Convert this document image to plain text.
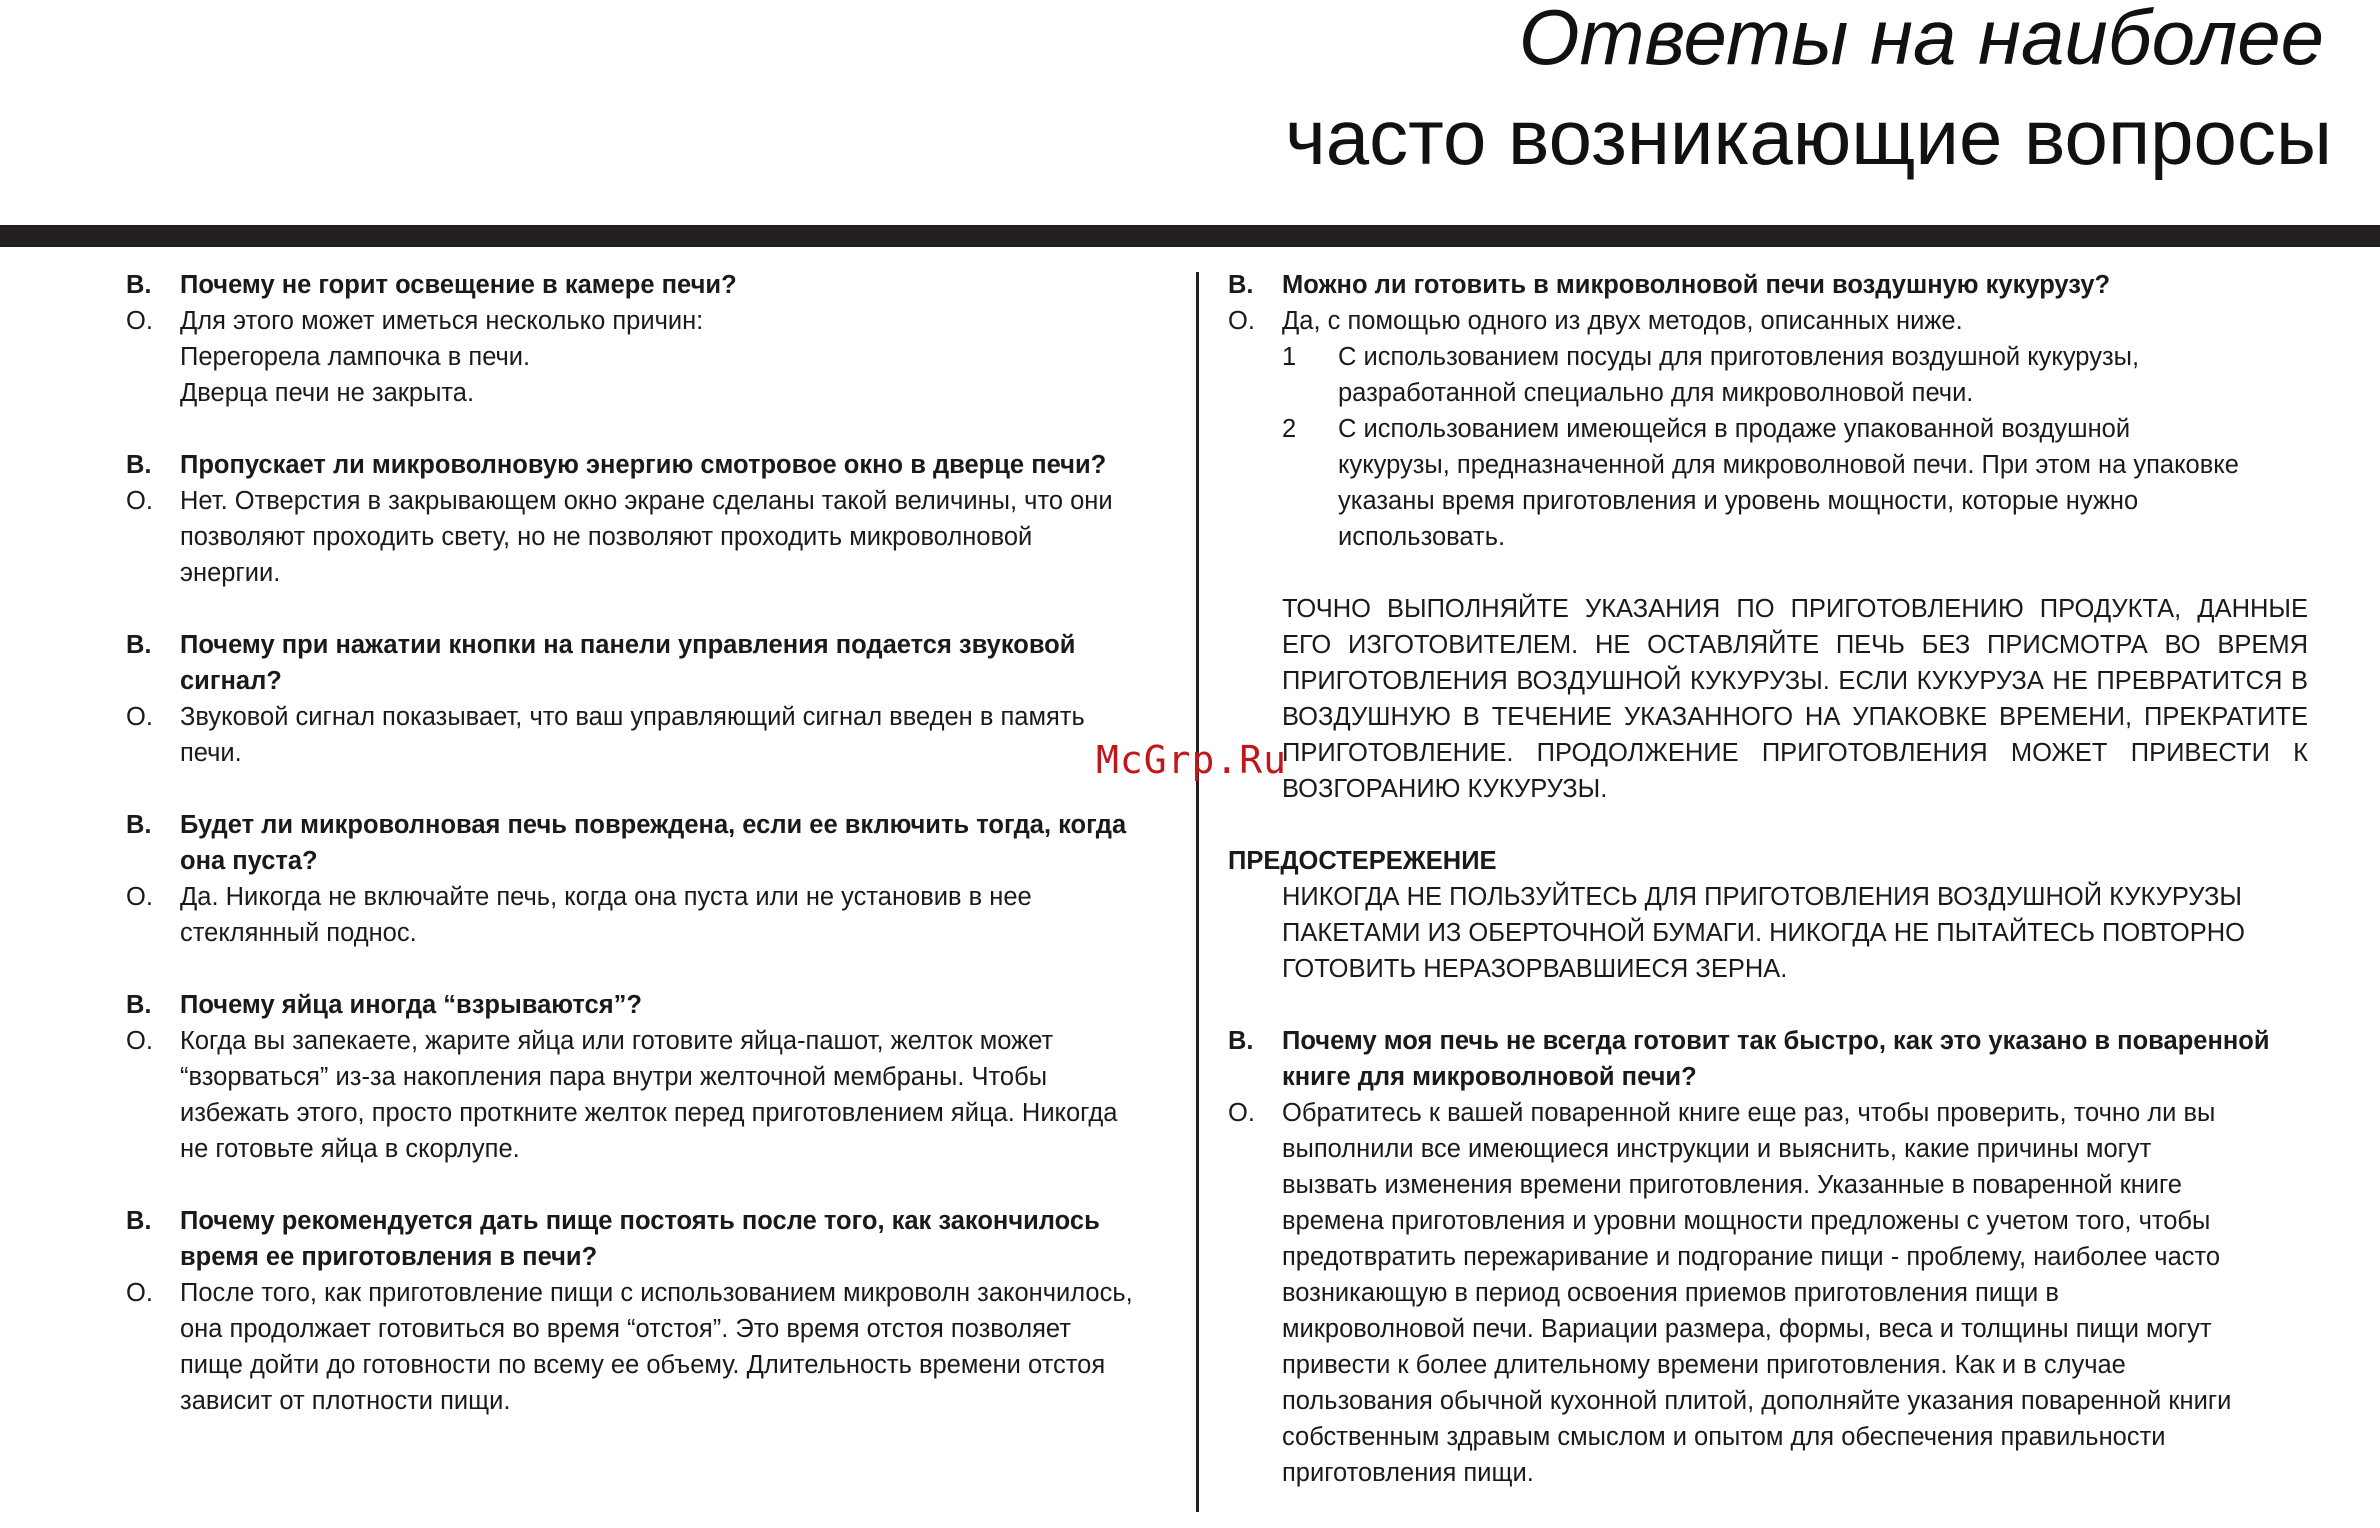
Ответы на наиболее
часто возникающие вопросы
В. Почему не горит освещение в камере печи?
О. Для этого может иметься несколько причин:
Перегорела лампочка в печи.
Дверца печи не закрыта.
В. Пропускает ли микроволновую энергию смотровое окно в дверце печи?
О. Нет. Отверстия в закрывающем окно экране сделаны такой величины, что они позволяют проходить свету, но не позволяют проходить микроволновой энергии.
В. Почему при нажатии кнопки на панели управления подается звуковой сигнал?
О. Звуковой сигнал показывает, что ваш управляющий сигнал введен в память печи.
В. Будет ли микроволновая печь повреждена, если ее включить тогда, когда она пуста?
О. Да. Никогда не включайте печь, когда она пуста или не установив в нее стеклянный поднос.
В. Почему яйца иногда “взрываются”?
О. Когда вы запекаете, жарите яйца или готовите яйца-пашот, желток может “взорваться” из-за накопления пара внутри желточной мембраны. Чтобы избежать этого, просто проткните желток перед приготовлением яйца. Никогда не готовьте яйца в скорлупе.
В. Почему рекомендуется дать пище постоять после того, как закончилось время ее приготовления в печи?
О. После того, как приготовление пищи с использованием микроволн закончилось, она продолжает готовиться во время “отстоя”. Это время отстоя позволяет пище дойти до готовности по всему ее объему. Длительность времени отстоя зависит от плотности пищи.
В. Можно ли готовить в микроволновой печи воздушную кукурузу?
О. Да, с помощью одного из двух методов, описанных ниже.
1 С использованием посуды для приготовления воздушной кукурузы, разработанной специально для микроволновой печи.
2 С использованием имеющейся в продаже упакованной воздушной кукурузы, предназначенной для микроволновой печи. При этом на упаковке указаны время приготовления и уровень мощности, которые нужно использовать.
ТОЧНО ВЫПОЛНЯЙТЕ УКАЗАНИЯ ПО ПРИГОТОВЛЕНИЮ ПРОДУКТА, ДАННЫЕ ЕГО ИЗГОТОВИТЕЛЕМ. НЕ ОСТАВЛЯЙТЕ ПЕЧЬ БЕЗ ПРИСМОТРА ВО ВРЕМЯ ПРИГОТОВЛЕНИЯ ВОЗДУШНОЙ КУКУРУЗЫ. ЕСЛИ КУКУРУЗА НЕ ПРЕВРАТИТСЯ В ВОЗДУШНУЮ В ТЕЧЕНИЕ УКАЗАННОГО НА УПАКОВКЕ ВРЕМЕНИ, ПРЕКРАТИТЕ ПРИГОТОВЛЕНИЕ. ПРОДОЛЖЕНИЕ ПРИГОТОВЛЕНИЯ МОЖЕТ ПРИВЕСТИ К ВОЗГОРАНИЮ КУКУРУЗЫ.
ПРЕДОСТЕРЕЖЕНИЕ
НИКОГДА НЕ ПОЛЬЗУЙТЕСЬ ДЛЯ ПРИГОТОВЛЕНИЯ ВОЗДУШНОЙ КУКУРУЗЫ ПАКЕТАМИ ИЗ ОБЕРТОЧНОЙ БУМАГИ. НИКОГДА НЕ ПЫТАЙТЕСЬ ПОВТОРНО ГОТОВИТЬ НЕРАЗОРВАВШИЕСЯ ЗЕРНА.
В. Почему моя печь не всегда готовит так быстро, как это указано в поваренной книге для микроволновой печи?
О. Обратитесь к вашей поваренной книге еще раз, чтобы проверить, точно ли вы выполнили все имеющиеся инструкции и выяснить, какие причины могут вызвать изменения времени приготовления. Указанные в поваренной книге времена приготовления и уровни мощности предложены с учетом того, чтобы предотвратить пережаривание и подгорание пищи - проблему, наиболее часто возникающую в период освоения приемов приготовления пищи в микроволновой печи. Вариации размера, формы, веса и толщины пищи могут привести к более длительному времени приготовления. Как и в случае пользования обычной кухонной плитой, дополняйте указания поваренной книги собственным здравым смыслом и опытом для обеспечения правильности приготовления пищи.
McGrp.Ru
